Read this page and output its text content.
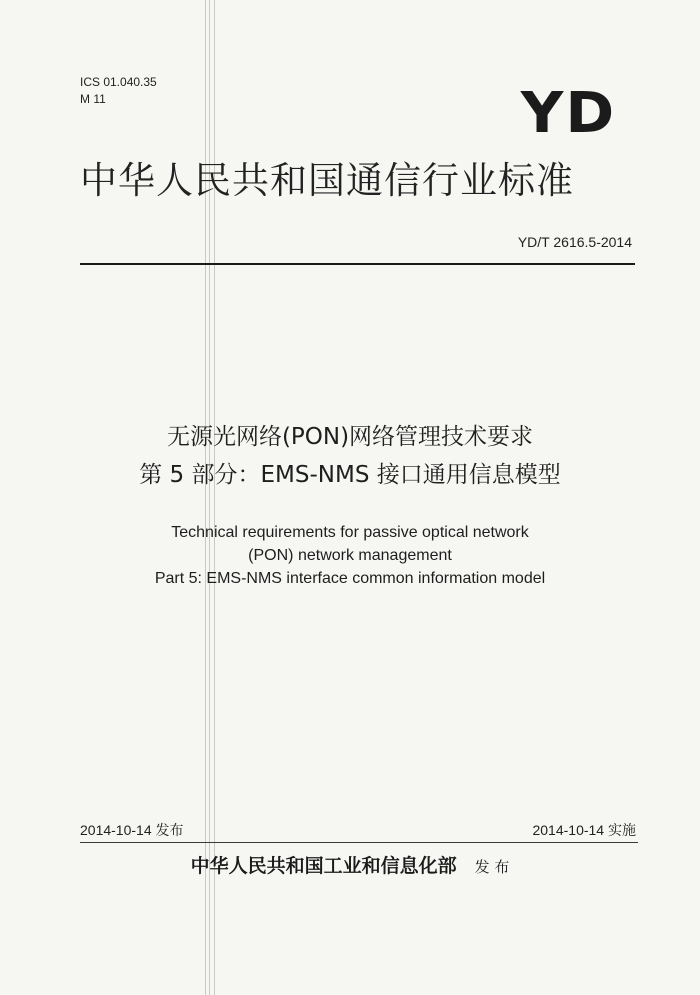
ICS 01.040.35
M 11	YD
中华人民共和国通信行业标准
YD/T 2616.5-2014
无源光网络(PON)网络管理技术要求
第 5 部分：EMS-NMS 接口通用信息模型
Technical requirements for passive optical network
(PON) network management
Part 5: EMS-NMS interface common information model
2014-10-14 发布	2014-10-14 实施
中华人民共和国工业和信息化部 发 布
